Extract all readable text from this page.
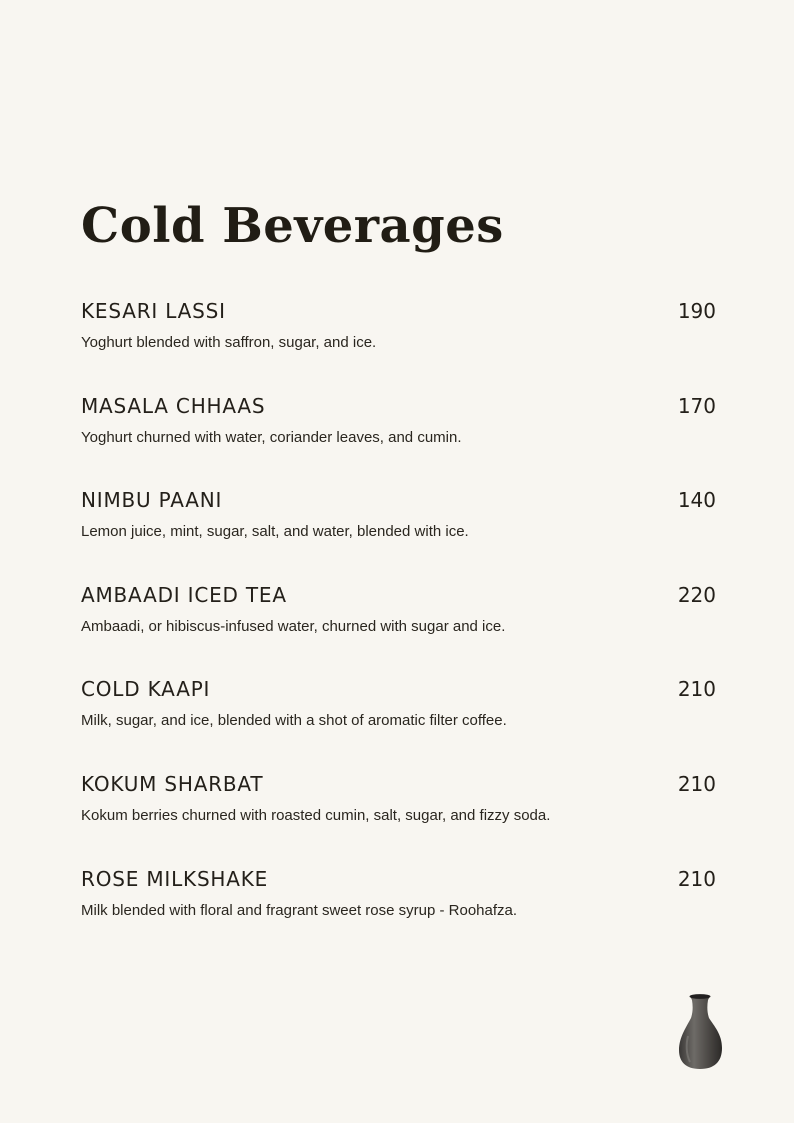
Cold Beverages
KESARI LASSI	190
Yoghurt blended with saffron, sugar, and ice.
MASALA CHHAAS	170
Yoghurt churned with water, coriander leaves, and cumin.
NIMBU PAANI	140
Lemon juice, mint, sugar, salt, and water, blended with ice.
AMBAADI ICED TEA	220
Ambaadi, or hibiscus-infused water, churned with sugar and ice.
COLD KAAPI	210
Milk, sugar, and ice, blended with a shot of aromatic filter coffee.
KOKUM SHARBAT	210
Kokum berries churned with roasted cumin, salt, sugar, and fizzy soda.
ROSE MILKSHAKE	210
Milk blended with floral and fragrant sweet rose syrup - Roohafza.
